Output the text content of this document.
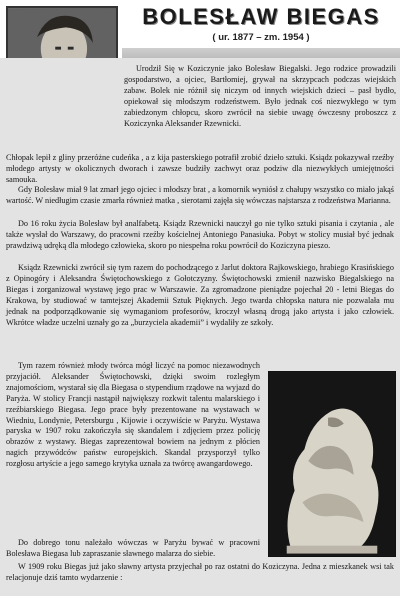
BOLESŁAW BIEGAS
( ur. 1877 – zm. 1954 )

Urodził Się w Koziczynie jako Bolesław Biegalski. Jego rodzice prowadzili gospodarstwo, a ojciec, Bartłomiej, grywał na skrzypcach podczas wiejskich zabaw. Bolek nie różnił się niczym od innych wiejskich dzieci – pasł bydło, opiekował się młodszym rodzeństwem. Było jednak coś niezwykłego w tym zabiedzonym chłopcu, skoro zwrócił na siebie uwagę ówczesny proboszcz z Koziczynka Aleksander Rzewnicki.

Chłopak lepił z gliny przeróżne cudeńka , a z kija pasterskiego potrafił zrobić dzieło sztuki. Ksiądz pokazywał rzeźby młodego artysty w okolicznych dworach i zawsze budziły zachwyt oraz podziw dla niezwykłych umiejętności samouka.

Gdy Bolesław miał 9 lat zmarł jego ojciec i młodszy brat , a komornik wyniósł z chałupy wszystko co miało jakąś wartość. W niedługim czasie zmarła również matka , sierotami zajęła się wówczas najstarsza z rodzeństwa Marianna.

Do 16 roku życia Bolesław był analfabetą. Ksiądz Rzewnicki nauczył go nie tylko sztuki pisania i czytania , ale także wysłał do Warszawy, do pracowni rzeźby kościelnej Antoniego Panasiuka. Pobyt w stolicy musiał być jednak prawdziwą udręką dla młodego człowieka, skoro po niespełna roku powrócił do Koziczyna pieszo.

Ksiądz Rzewnicki zwrócił się tym razem do pochodzącego z Jarlut doktora Rajkowskiego, hrabiego Krasińskiego z Opinogóry i Aleksandra Świętochowskiego z Gołotczyzny. Świętochowski zmienił nazwisko Biegalskiego na Biegas i zorganizował wystawę jego prac w Warszawie. Za zgromadzone pieniądze pojechał 20 - letni Biegas do Krakowa, by studiować w tamtejszej Akademii Sztuk Pięknych. Jego twarda chłopska natura nie pozwalała mu jednak na podporządkowanie się wymaganiom profesorów, kroczył własną drogą jako artysta i jako człowiek. Wkrótce władze uczelni uznały go za „burzyciela akademii” i wydaliły ze szkoły.

Tym razem również młody twórca mógł liczyć na pomoc niezawodnych przyjaciół. Aleksander Świętochowski, dzięki swoim rozległym znajomościom, wystarał się dla Biegasa o stypendium rządowe na wyjazd do Paryża. W stolicy Francji nastąpił największy rozkwit talentu malarskiego i rzeźbiarskiego Biegasa. Jego prace były prezentowane na wystawach w Wiedniu, Londynie, Petersburgu , Kijowie i oczywiście w Paryżu. Wystawa paryska w 1907 roku zakończyła się skandalem i zdjęciem przez policję obrazów z wystawy. Biegas zaprezentował bowiem na jednym z płócien nagich przywódców państw europejskich. Skandal przysporzył tylko rozgłosu artyście a jego samego krytyka uznała za twórcę awangardowego.

Do dobrego tonu należało wówczas w Paryżu bywać w pracowni Bolesława Biegasa lub zapraszanie sławnego malarza do siebie.

W 1909 roku Biegas już jako sławny artysta przyjechał po raz ostatni do Koziczyna. Jedna z mieszkanek wsi tak relacjonuje dziś tamto wydarzenie :
